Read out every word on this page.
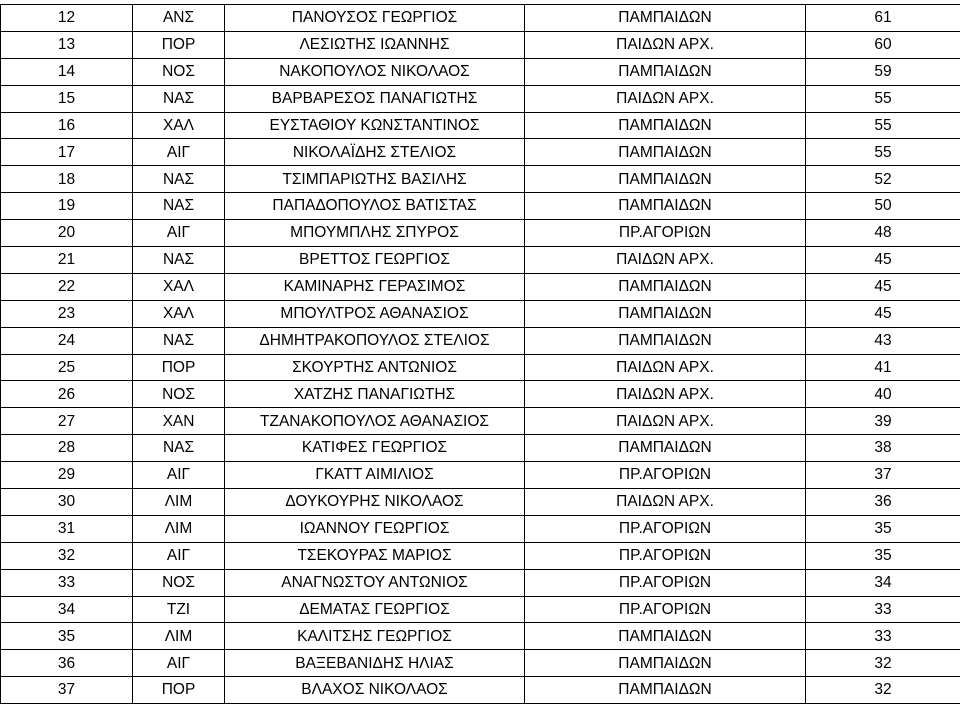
12	ΑΝΣ	ΠΑΝΟΥΣΟΣ ΓΕΩΡΓΙΟΣ	ΠΑΜΠΑΙΔΩΝ	61
13	ΠΟΡ	ΛΕΣΙΩΤΗΣ ΙΩΑΝΝΗΣ	ΠΑΙΔΩΝ ΑΡΧ.	60
14	ΝΟΣ	ΝΑΚΟΠΟΥΛΟΣ ΝΙΚΟΛΑΟΣ	ΠΑΜΠΑΙΔΩΝ	59
15	ΝΑΣ	ΒΑΡΒΑΡΕΣΟΣ ΠΑΝΑΓΙΩΤΗΣ	ΠΑΙΔΩΝ ΑΡΧ.	55
16	ΧΑΛ	ΕΥΣΤΑΘΙΟΥ ΚΩΝΣΤΑΝΤΙΝΟΣ	ΠΑΜΠΑΙΔΩΝ	55
17	ΑΙΓ	ΝΙΚΟΛΑΪΔΗΣ ΣΤΕΛΙΟΣ	ΠΑΜΠΑΙΔΩΝ	55
18	ΝΑΣ	ΤΣΙΜΠΑΡΙΩΤΗΣ ΒΑΣΙΛΗΣ	ΠΑΜΠΑΙΔΩΝ	52
19	ΝΑΣ	ΠΑΠΑΔΟΠΟΥΛΟΣ ΒΑΤΙΣΤΑΣ	ΠΑΜΠΑΙΔΩΝ	50
20	ΑΙΓ	ΜΠΟΥΜΠΛΗΣ ΣΠΥΡΟΣ	ΠΡ.ΑΓΟΡΙΩΝ	48
21	ΝΑΣ	ΒΡΕΤΤΟΣ ΓΕΩΡΓΙΟΣ	ΠΑΙΔΩΝ ΑΡΧ.	45
22	ΧΑΛ	ΚΑΜΙΝΑΡΗΣ ΓΕΡΑΣΙΜΟΣ	ΠΑΜΠΑΙΔΩΝ	45
23	ΧΑΛ	ΜΠΟΥΛΤΡΟΣ ΑΘΑΝΑΣΙΟΣ	ΠΑΜΠΑΙΔΩΝ	45
24	ΝΑΣ	ΔΗΜΗΤΡΑΚΟΠΟΥΛΟΣ ΣΤΕΛΙΟΣ	ΠΑΜΠΑΙΔΩΝ	43
25	ΠΟΡ	ΣΚΟΥΡΤΗΣ ΑΝΤΩΝΙΟΣ	ΠΑΙΔΩΝ ΑΡΧ.	41
26	ΝΟΣ	ΧΑΤΖΗΣ ΠΑΝΑΓΙΩΤΗΣ	ΠΑΙΔΩΝ ΑΡΧ.	40
27	ΧΑΝ	ΤΖΑΝΑΚΟΠΟΥΛΟΣ ΑΘΑΝΑΣΙΟΣ	ΠΑΙΔΩΝ ΑΡΧ.	39
28	ΝΑΣ	ΚΑΤΙΦΕΣ ΓΕΩΡΓΙΟΣ	ΠΑΜΠΑΙΔΩΝ	38
29	ΑΙΓ	ΓΚΑΤΤ ΑΙΜΙΛΙΟΣ	ΠΡ.ΑΓΟΡΙΩΝ	37
30	ΛΙΜ	ΔΟΥΚΟΥΡΗΣ ΝΙΚΟΛΑΟΣ	ΠΑΙΔΩΝ ΑΡΧ.	36
31	ΛΙΜ	ΙΩΑΝΝΟΥ ΓΕΩΡΓΙΟΣ	ΠΡ.ΑΓΟΡΙΩΝ	35
32	ΑΙΓ	ΤΣΕΚΟΥΡΑΣ ΜΑΡΙΟΣ	ΠΡ.ΑΓΟΡΙΩΝ	35
33	ΝΟΣ	ΑΝΑΓΝΩΣΤΟΥ ΑΝΤΩΝΙΟΣ	ΠΡ.ΑΓΟΡΙΩΝ	34
34	ΤΖΙ	ΔΕΜΑΤΑΣ ΓΕΩΡΓΙΟΣ	ΠΡ.ΑΓΟΡΙΩΝ	33
35	ΛΙΜ	ΚΑΛΙΤΣΗΣ ΓΕΩΡΓΙΟΣ	ΠΑΜΠΑΙΔΩΝ	33
36	ΑΙΓ	ΒΑΞΕΒΑΝΙΔΗΣ ΗΛΙΑΣ	ΠΑΜΠΑΙΔΩΝ	32
37	ΠΟΡ	ΒΛΑΧΟΣ ΝΙΚΟΛΑΟΣ	ΠΑΜΠΑΙΔΩΝ	32
